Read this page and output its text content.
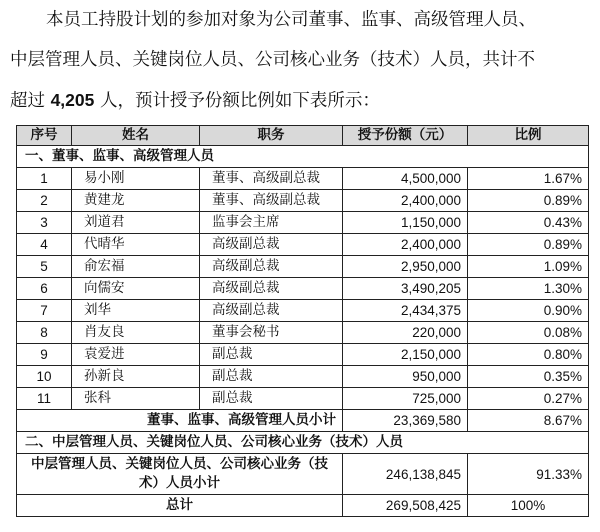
本员工持股计划的参加对象为公司董事、监事、高级管理人员、
中层管理人员、关键岗位人员、公司核心业务（技术）人员，共计不
超过 4,205 人，预计授予份额比例如下表所示：
序号	姓名	职务	授予份额（元）	比例
一、董事、监事、高级管理人员				
1	易小刚	董事、高级副总裁	4,500,000	1.67%
2	黄建龙	董事、高级副总裁	2,400,000	0.89%
3	刘道君	监事会主席	1,150,000	0.43%
4	代晴华	高级副总裁	2,400,000	0.89%
5	俞宏福	高级副总裁	2,950,000	1.09%
6	向儒安	高级副总裁	3,490,205	1.30%
7	刘华	高级副总裁	2,434,375	0.90%
8	肖友良	董事会秘书	220,000	0.08%
9	袁爱进	副总裁	2,150,000	0.80%
10	孙新良	副总裁	950,000	0.35%
11	张科	副总裁	725,000	0.27%
董事、监事、高级管理人员小计			23,369,580	8.67%
二、中层管理人员、关键岗位人员、公司核心业务（技术）人员				
中层管理人员、关键岗位人员、公司核心业务（技术）人员小计			246,138,845	91.33%
总计			269,508,425	100%
